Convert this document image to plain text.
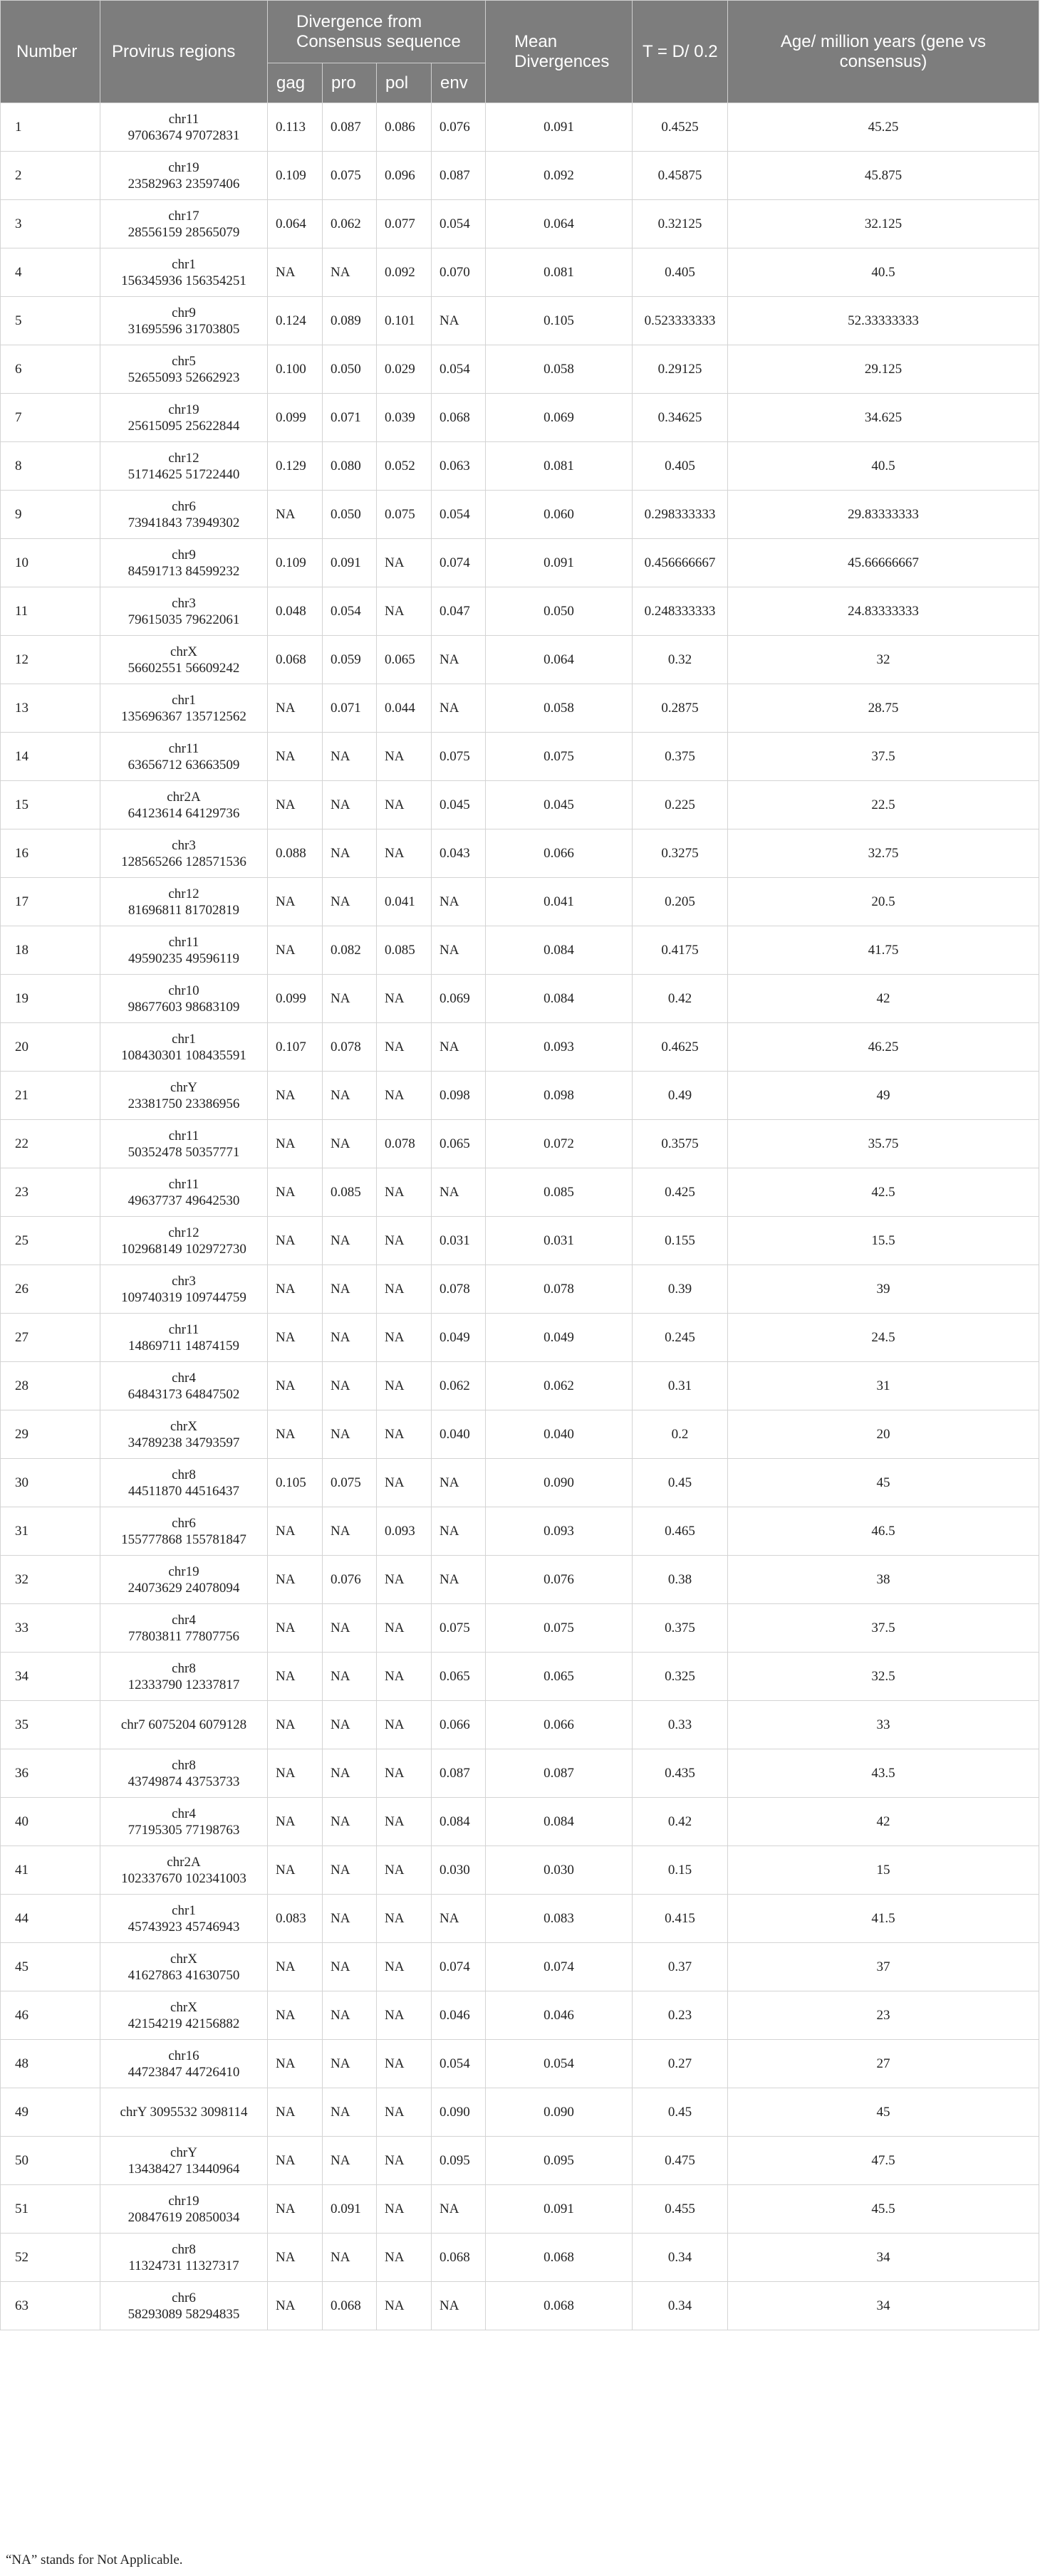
Number	Provirus regions	Divergence from Consensus sequence				Mean Divergences	T = D/ 0.2	Age/ million years (gene vs consensus)
		gag	pro	pol	env			
1	chr11
97063674 97072831	0.113	0.087	0.086	0.076	0.091	0.4525	45.25
2	chr19
23582963 23597406	0.109	0.075	0.096	0.087	0.092	0.45875	45.875
3	chr17
28556159 28565079	0.064	0.062	0.077	0.054	0.064	0.32125	32.125
4	chr1
156345936 156354251	NA	NA	0.092	0.070	0.081	0.405	40.5
5	chr9
31695596 31703805	0.124	0.089	0.101	NA	0.105	0.523333333	52.33333333
6	chr5
52655093 52662923	0.100	0.050	0.029	0.054	0.058	0.29125	29.125
7	chr19
25615095 25622844	0.099	0.071	0.039	0.068	0.069	0.34625	34.625
8	chr12
51714625 51722440	0.129	0.080	0.052	0.063	0.081	0.405	40.5
9	chr6
73941843 73949302	NA	0.050	0.075	0.054	0.060	0.298333333	29.83333333
10	chr9
84591713 84599232	0.109	0.091	NA	0.074	0.091	0.456666667	45.66666667
11	chr3
79615035 79622061	0.048	0.054	NA	0.047	0.050	0.248333333	24.83333333
12	chrX
56602551 56609242	0.068	0.059	0.065	NA	0.064	0.32	32
13	chr1
135696367 135712562	NA	0.071	0.044	NA	0.058	0.2875	28.75
14	chr11
63656712 63663509	NA	NA	NA	0.075	0.075	0.375	37.5
15	chr2A
64123614 64129736	NA	NA	NA	0.045	0.045	0.225	22.5
16	chr3
128565266 128571536	0.088	NA	NA	0.043	0.066	0.3275	32.75
17	chr12
81696811 81702819	NA	NA	0.041	NA	0.041	0.205	20.5
18	chr11
49590235 49596119	NA	0.082	0.085	NA	0.084	0.4175	41.75
19	chr10
98677603 98683109	0.099	NA	NA	0.069	0.084	0.42	42
20	chr1
108430301 108435591	0.107	0.078	NA	NA	0.093	0.4625	46.25
21	chrY
23381750 23386956	NA	NA	NA	0.098	0.098	0.49	49
22	chr11
50352478 50357771	NA	NA	0.078	0.065	0.072	0.3575	35.75
23	chr11
49637737 49642530	NA	0.085	NA	NA	0.085	0.425	42.5
25	chr12
102968149 102972730	NA	NA	NA	0.031	0.031	0.155	15.5
26	chr3
109740319 109744759	NA	NA	NA	0.078	0.078	0.39	39
27	chr11
14869711 14874159	NA	NA	NA	0.049	0.049	0.245	24.5
28	chr4
64843173 64847502	NA	NA	NA	0.062	0.062	0.31	31
29	chrX
34789238 34793597	NA	NA	NA	0.040	0.040	0.2	20
30	chr8
44511870 44516437	0.105	0.075	NA	NA	0.090	0.45	45
31	chr6
155777868 155781847	NA	NA	0.093	NA	0.093	0.465	46.5
32	chr19
24073629 24078094	NA	0.076	NA	NA	0.076	0.38	38
33	chr4
77803811 77807756	NA	NA	NA	0.075	0.075	0.375	37.5
34	chr8
12333790 12337817	NA	NA	NA	0.065	0.065	0.325	32.5
35	chr7 6075204 6079128	NA	NA	NA	0.066	0.066	0.33	33
36	chr8
43749874 43753733	NA	NA	NA	0.087	0.087	0.435	43.5
40	chr4
77195305 77198763	NA	NA	NA	0.084	0.084	0.42	42
41	chr2A
102337670 102341003	NA	NA	NA	0.030	0.030	0.15	15
44	chr1
45743923 45746943	0.083	NA	NA	NA	0.083	0.415	41.5
45	chrX
41627863 41630750	NA	NA	NA	0.074	0.074	0.37	37
46	chrX
42154219 42156882	NA	NA	NA	0.046	0.046	0.23	23
48	chr16
44723847 44726410	NA	NA	NA	0.054	0.054	0.27	27
49	chrY 3095532 3098114	NA	NA	NA	0.090	0.090	0.45	45
50	chrY
13438427 13440964	NA	NA	NA	0.095	0.095	0.475	47.5
51	chr19
20847619 20850034	NA	0.091	NA	NA	0.091	0.455	45.5
52	chr8
11324731 11327317	NA	NA	NA	0.068	0.068	0.34	34
63	chr6
58293089 58294835	NA	0.068	NA	NA	0.068	0.34	34
“NA” stands for Not Applicable.
